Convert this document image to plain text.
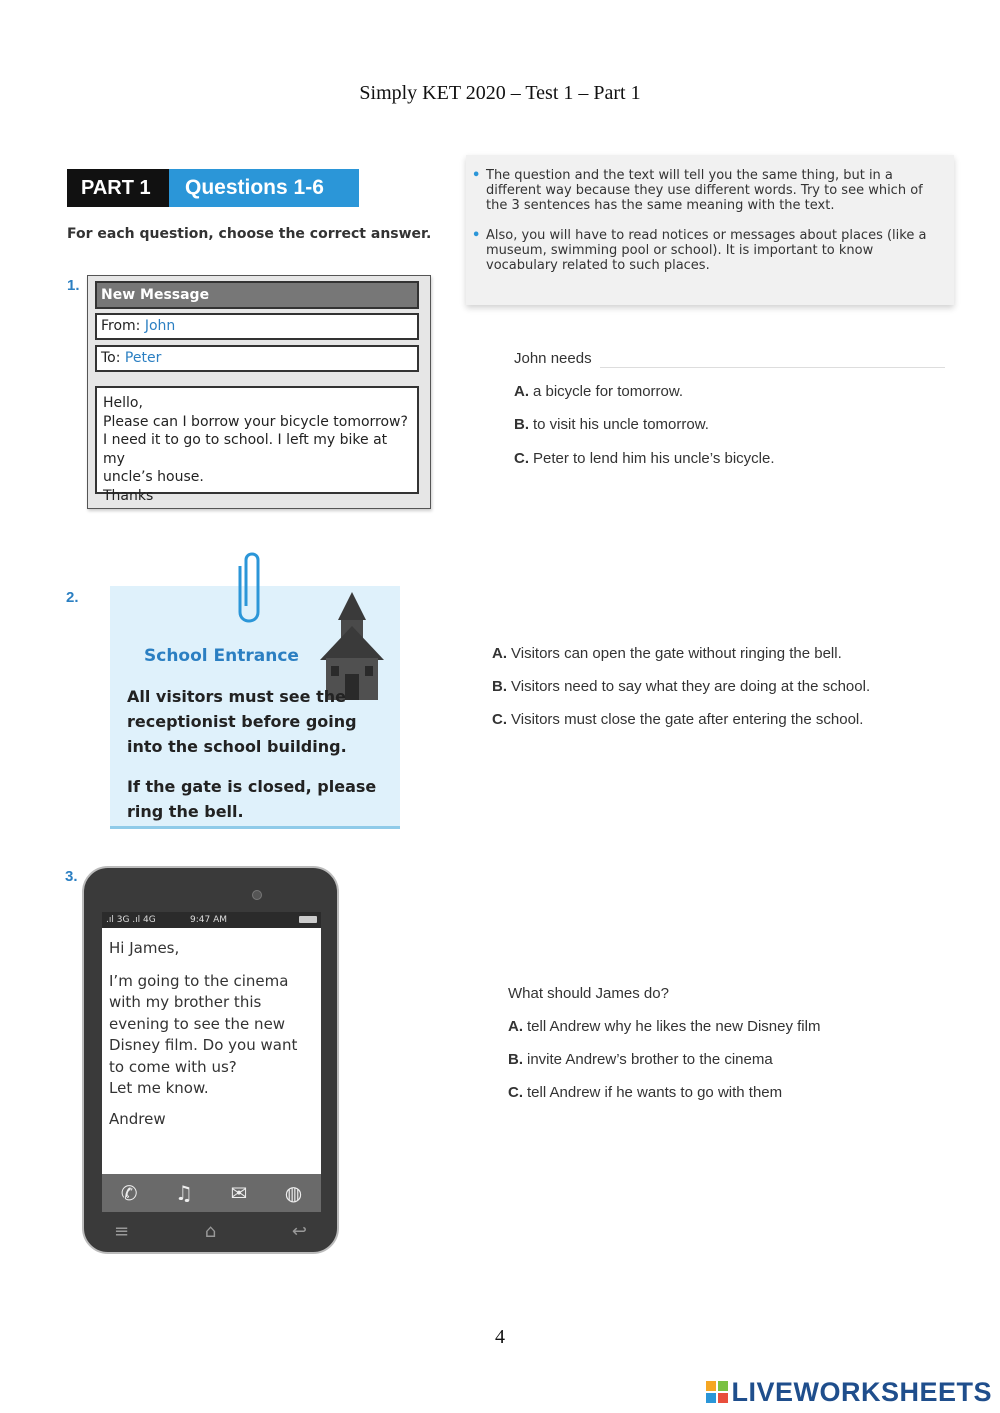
Simply KET 2020 – Test 1 – Part 1
PART 1	Questions 1-6
For each question, choose the correct answer.
• The question and the text will tell you the same thing, but in a different way because they use different words. Try to see which of the 3 sentences has the same meaning with the text.
• Also, you will have to read notices or messages about places (like a museum, swimming pool or school). It is important to know vocabulary related to such places.
1.
New Message
From: John
To: Peter
Hello,
Please can I borrow your bicycle tomorrow?
I need it to go to school. I left my bike at my
uncle’s house.
Thanks
John needs
A. a bicycle for tomorrow.
B. to visit his uncle tomorrow.
C. Peter to lend him his uncle’s bicycle.
2.
School Entrance
All visitors must see the receptionist before going into the school building.
If the gate is closed, please ring the bell.
A. Visitors can open the gate without ringing the bell.
B. Visitors need to say what they are doing at the school.
C. Visitors must close the gate after entering the school.
3.
.ıl 3G .ıl 4G	9:47 AM
Hi James,
I’m going to the cinema with my brother this evening to see the new Disney film. Do you want to come with us?
Let me know.
Andrew
✆ ♫ ✉ ◍
≡	⌂	↩
What should James do?
A. tell Andrew why he likes the new Disney film
B. invite Andrew’s brother to the cinema
C. tell Andrew if he wants to go with them
4
LIVEWORKSHEETS
